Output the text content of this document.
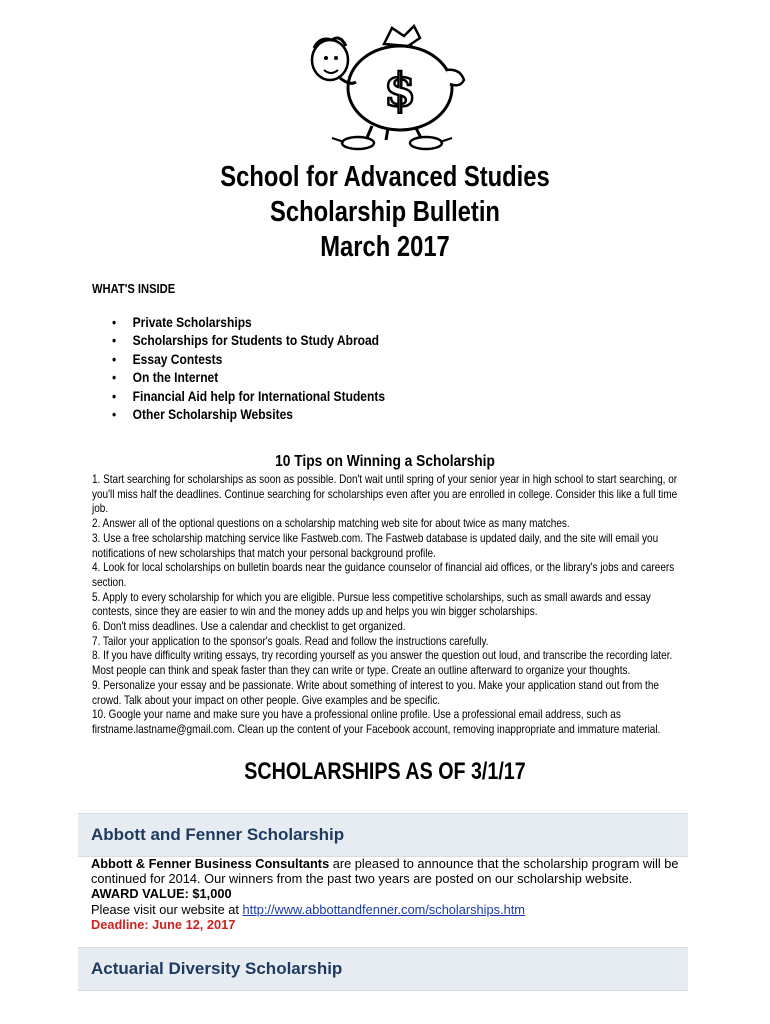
$
School for Advanced Studies
Scholarship Bulletin
March 2017
WHAT'S INSIDE
• Private Scholarships
• Scholarships for Students to Study Abroad
• Essay Contests
• On the Internet
• Financial Aid help for International Students
• Other Scholarship Websites
10 Tips on Winning a Scholarship
1. Start searching for scholarships as soon as possible. Don't wait until spring of your senior year in high school to start searching, or you'll miss half the deadlines. Continue searching for scholarships even after you are enrolled in college. Consider this like a full time job.
2. Answer all of the optional questions on a scholarship matching web site for about twice as many matches.
3. Use a free scholarship matching service like Fastweb.com. The Fastweb database is updated daily, and the site will email you notifications of new scholarships that match your personal background profile.
4. Look for local scholarships on bulletin boards near the guidance counselor of financial aid offices, or the library's jobs and careers section.
5. Apply to every scholarship for which you are eligible. Pursue less competitive scholarships, such as small awards and essay contests, since they are easier to win and the money adds up and helps you win bigger scholarships.
6. Don't miss deadlines. Use a calendar and checklist to get organized.
7. Tailor your application to the sponsor's goals. Read and follow the instructions carefully.
8. If you have difficulty writing essays, try recording yourself as you answer the question out loud, and transcribe the recording later. Most people can think and speak faster than they can write or type. Create an outline afterward to organize your thoughts.
9. Personalize your essay and be passionate. Write about something of interest to you. Make your application stand out from the crowd. Talk about your impact on other people. Give examples and be specific.
10. Google your name and make sure you have a professional online profile. Use a professional email address, such as firstname.lastname@gmail.com. Clean up the content of your Facebook account, removing inappropriate and immature material.
SCHOLARSHIPS AS OF 3/1/17
Abbott and Fenner Scholarship

Abbott & Fenner Business Consultants are pleased to announce that the scholarship program will be continued for 2014. Our winners from the past two years are posted on our scholarship website.

AWARD VALUE: $1,000

Please visit our website at http://www.abbottandfenner.com/scholarships.htm

Deadline: June 12, 2017

Actuarial Diversity Scholarship
